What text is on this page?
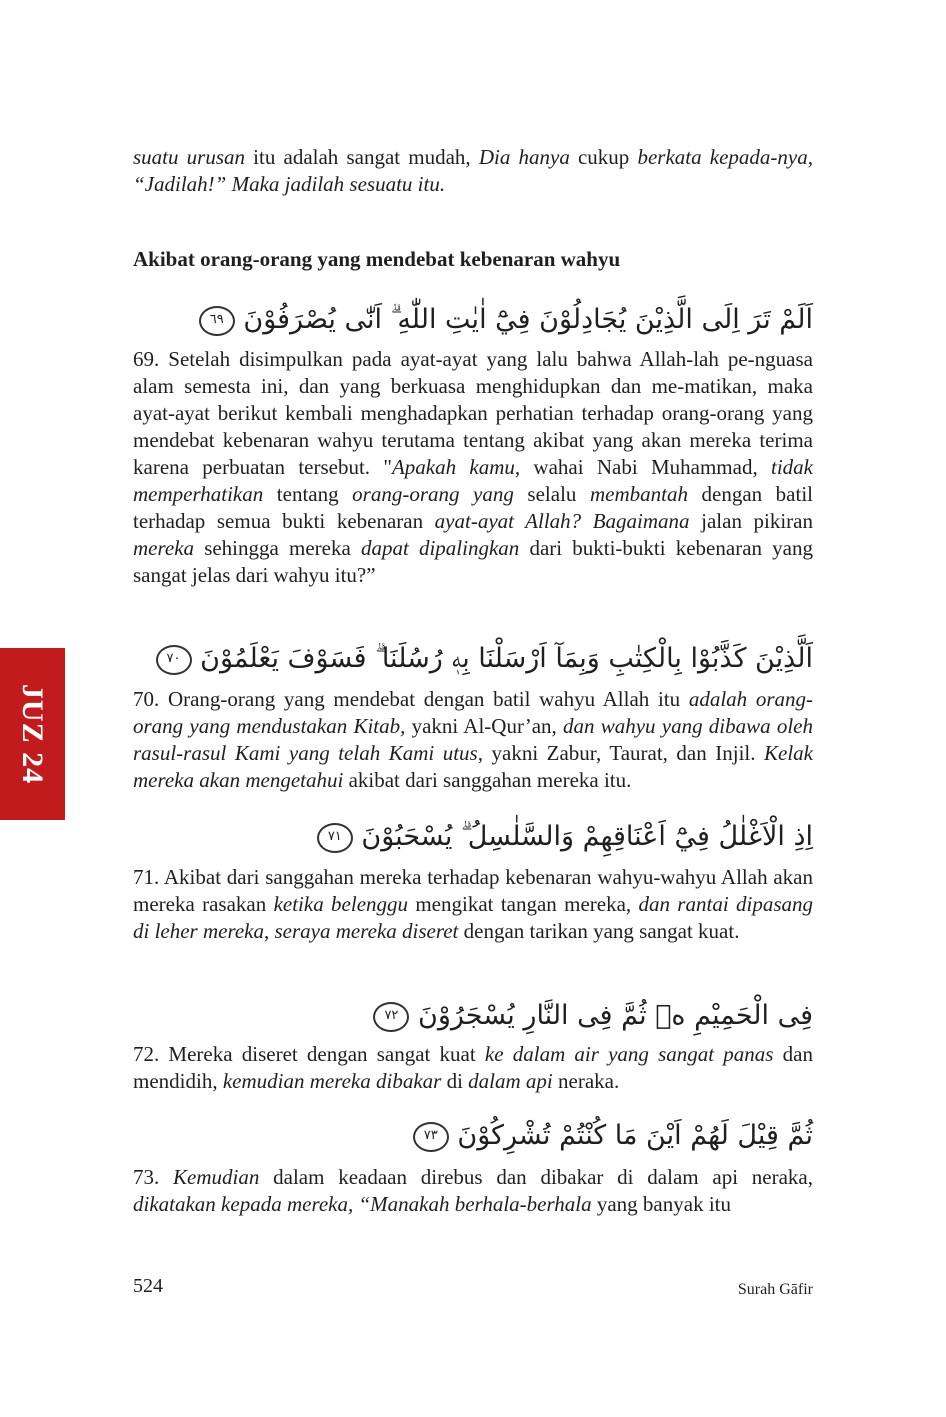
suatu urusan itu adalah sangat mudah, Dia hanya cukup berkata kepada-nya, “Jadilah!” Maka jadilah sesuatu itu.

Akibat orang-orang yang mendebat kebenaran wahyu
اَلَمْ تَرَ اِلَى الَّذِيْنَ يُجَادِلُوْنَ فِيْٓ اٰيٰتِ اللّٰهِ ۗ اَنّٰى يُصْرَفُوْنَ ٦٩

69. Setelah disimpulkan pada ayat-ayat yang lalu bahwa Allah-lah pe-nguasa alam semesta ini, dan yang berkuasa menghidupkan dan me-matikan, maka ayat-ayat berikut kembali menghadapkan perhatian terhadap orang-orang yang mendebat kebenaran wahyu terutama tentang akibat yang akan mereka terima karena perbuatan tersebut. "Apakah kamu, wahai Nabi Muhammad, tidak memperhatikan tentang orang-orang yang selalu membantah dengan batil terhadap semua bukti kebenaran ayat-ayat Allah? Bagaimana jalan pikiran mereka sehingga mereka dapat dipalingkan dari bukti-bukti kebenaran yang sangat jelas dari wahyu itu?”

اَلَّذِيْنَ كَذَّبُوْا بِالْكِتٰبِ وَبِمَآ اَرْسَلْنَا بِهٖ رُسُلَنَا ۗ فَسَوْفَ يَعْلَمُوْنَ ٧٠

70. Orang-orang yang mendebat dengan batil wahyu Allah itu adalah orang-orang yang mendustakan Kitab, yakni Al-Qur’an, dan wahyu yang dibawa oleh rasul-rasul Kami yang telah Kami utus, yakni Zabur, Taurat, dan Injil. Kelak mereka akan mengetahui akibat dari sanggahan mereka itu.

اِذِ الْاَغْلٰلُ فِيْٓ اَعْنَاقِهِمْ وَالسَّلٰسِلُ ۗ يُسْحَبُوْنَ ٧١

71. Akibat dari sanggahan mereka terhadap kebenaran wahyu-wahyu Allah akan mereka rasakan ketika belenggu mengikat tangan mereka, dan rantai dipasang di leher mereka, seraya mereka diseret dengan tarikan yang sangat kuat.

فِى الْحَمِيْمِ ەۙ ثُمَّ فِى النَّارِ يُسْجَرُوْنَ ٧٢

72. Mereka diseret dengan sangat kuat ke dalam air yang sangat panas dan mendidih, kemudian mereka dibakar di dalam api neraka.

ثُمَّ قِيْلَ لَهُمْ اَيْنَ مَا كُنْتُمْ تُشْرِكُوْنَ ٧٣

73. Kemudian dalam keadaan direbus dan dibakar di dalam api neraka, dikatakan kepada mereka, “Manakah berhala-berhala yang banyak itu

JUZ 24
524	Surah Gāfir
